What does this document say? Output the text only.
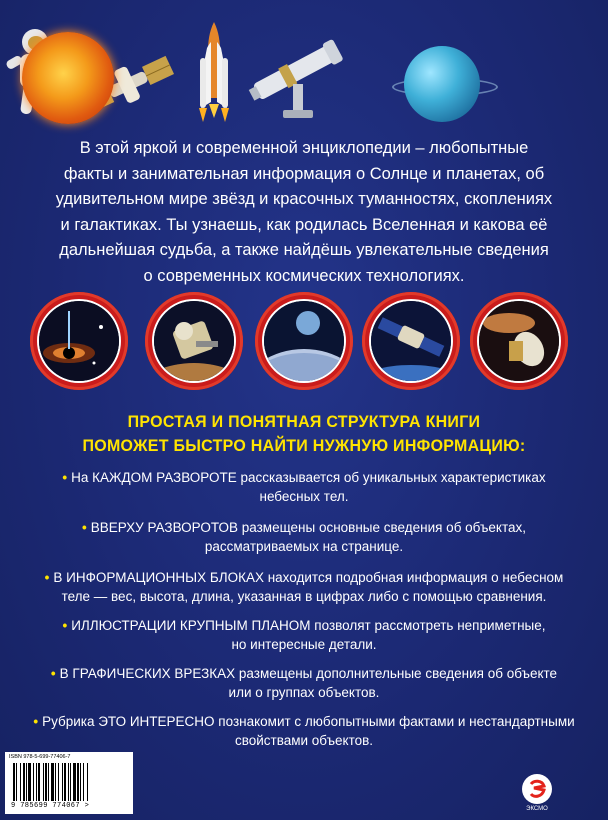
В этой яркой и современной энциклопедии – любопытные
факты и занимательная информация о Солнце и планетах, об
удивительном мире звёзд и красочных туманностях, скоплениях
и галактиках. Ты узнаешь, как родилась Вселенная и какова её
дальнейшая судьба, а также найдёшь увлекательные сведения
о современных космических технологиях.
ПРОСТАЯ И ПОНЯТНАЯ СТРУКТУРА КНИГИ
ПОМОЖЕТ БЫСТРО НАЙТИ НУЖНУЮ ИНФОРМАЦИЮ:
• На КАЖДОМ РАЗВОРОТЕ рассказывается об уникальных характеристиках
небесных тел.
• ВВЕРХУ РАЗВОРОТОВ размещены основные сведения об объектах,
рассматриваемых на странице.
• В ИНФОРМАЦИОННЫХ БЛОКАХ находится подробная информация о небесном
теле — вес, высота, длина, указанная в цифрах либо с помощью сравнения.
• ИЛЛЮСТРАЦИИ КРУПНЫМ ПЛАНОМ позволят рассмотреть неприметные,
но интересные детали.
• В ГРАФИЧЕСКИХ ВРЕЗКАХ размещены дополнительные сведения об объекте
или о группах объектов.
• Рубрика ЭТО ИНТЕРЕСНО познакомит с любопытными фактами и нестандартными
свойствами объектов.
ISBN 978-5-699-77406-7
9 785699 774067 >	ЭКСМО
